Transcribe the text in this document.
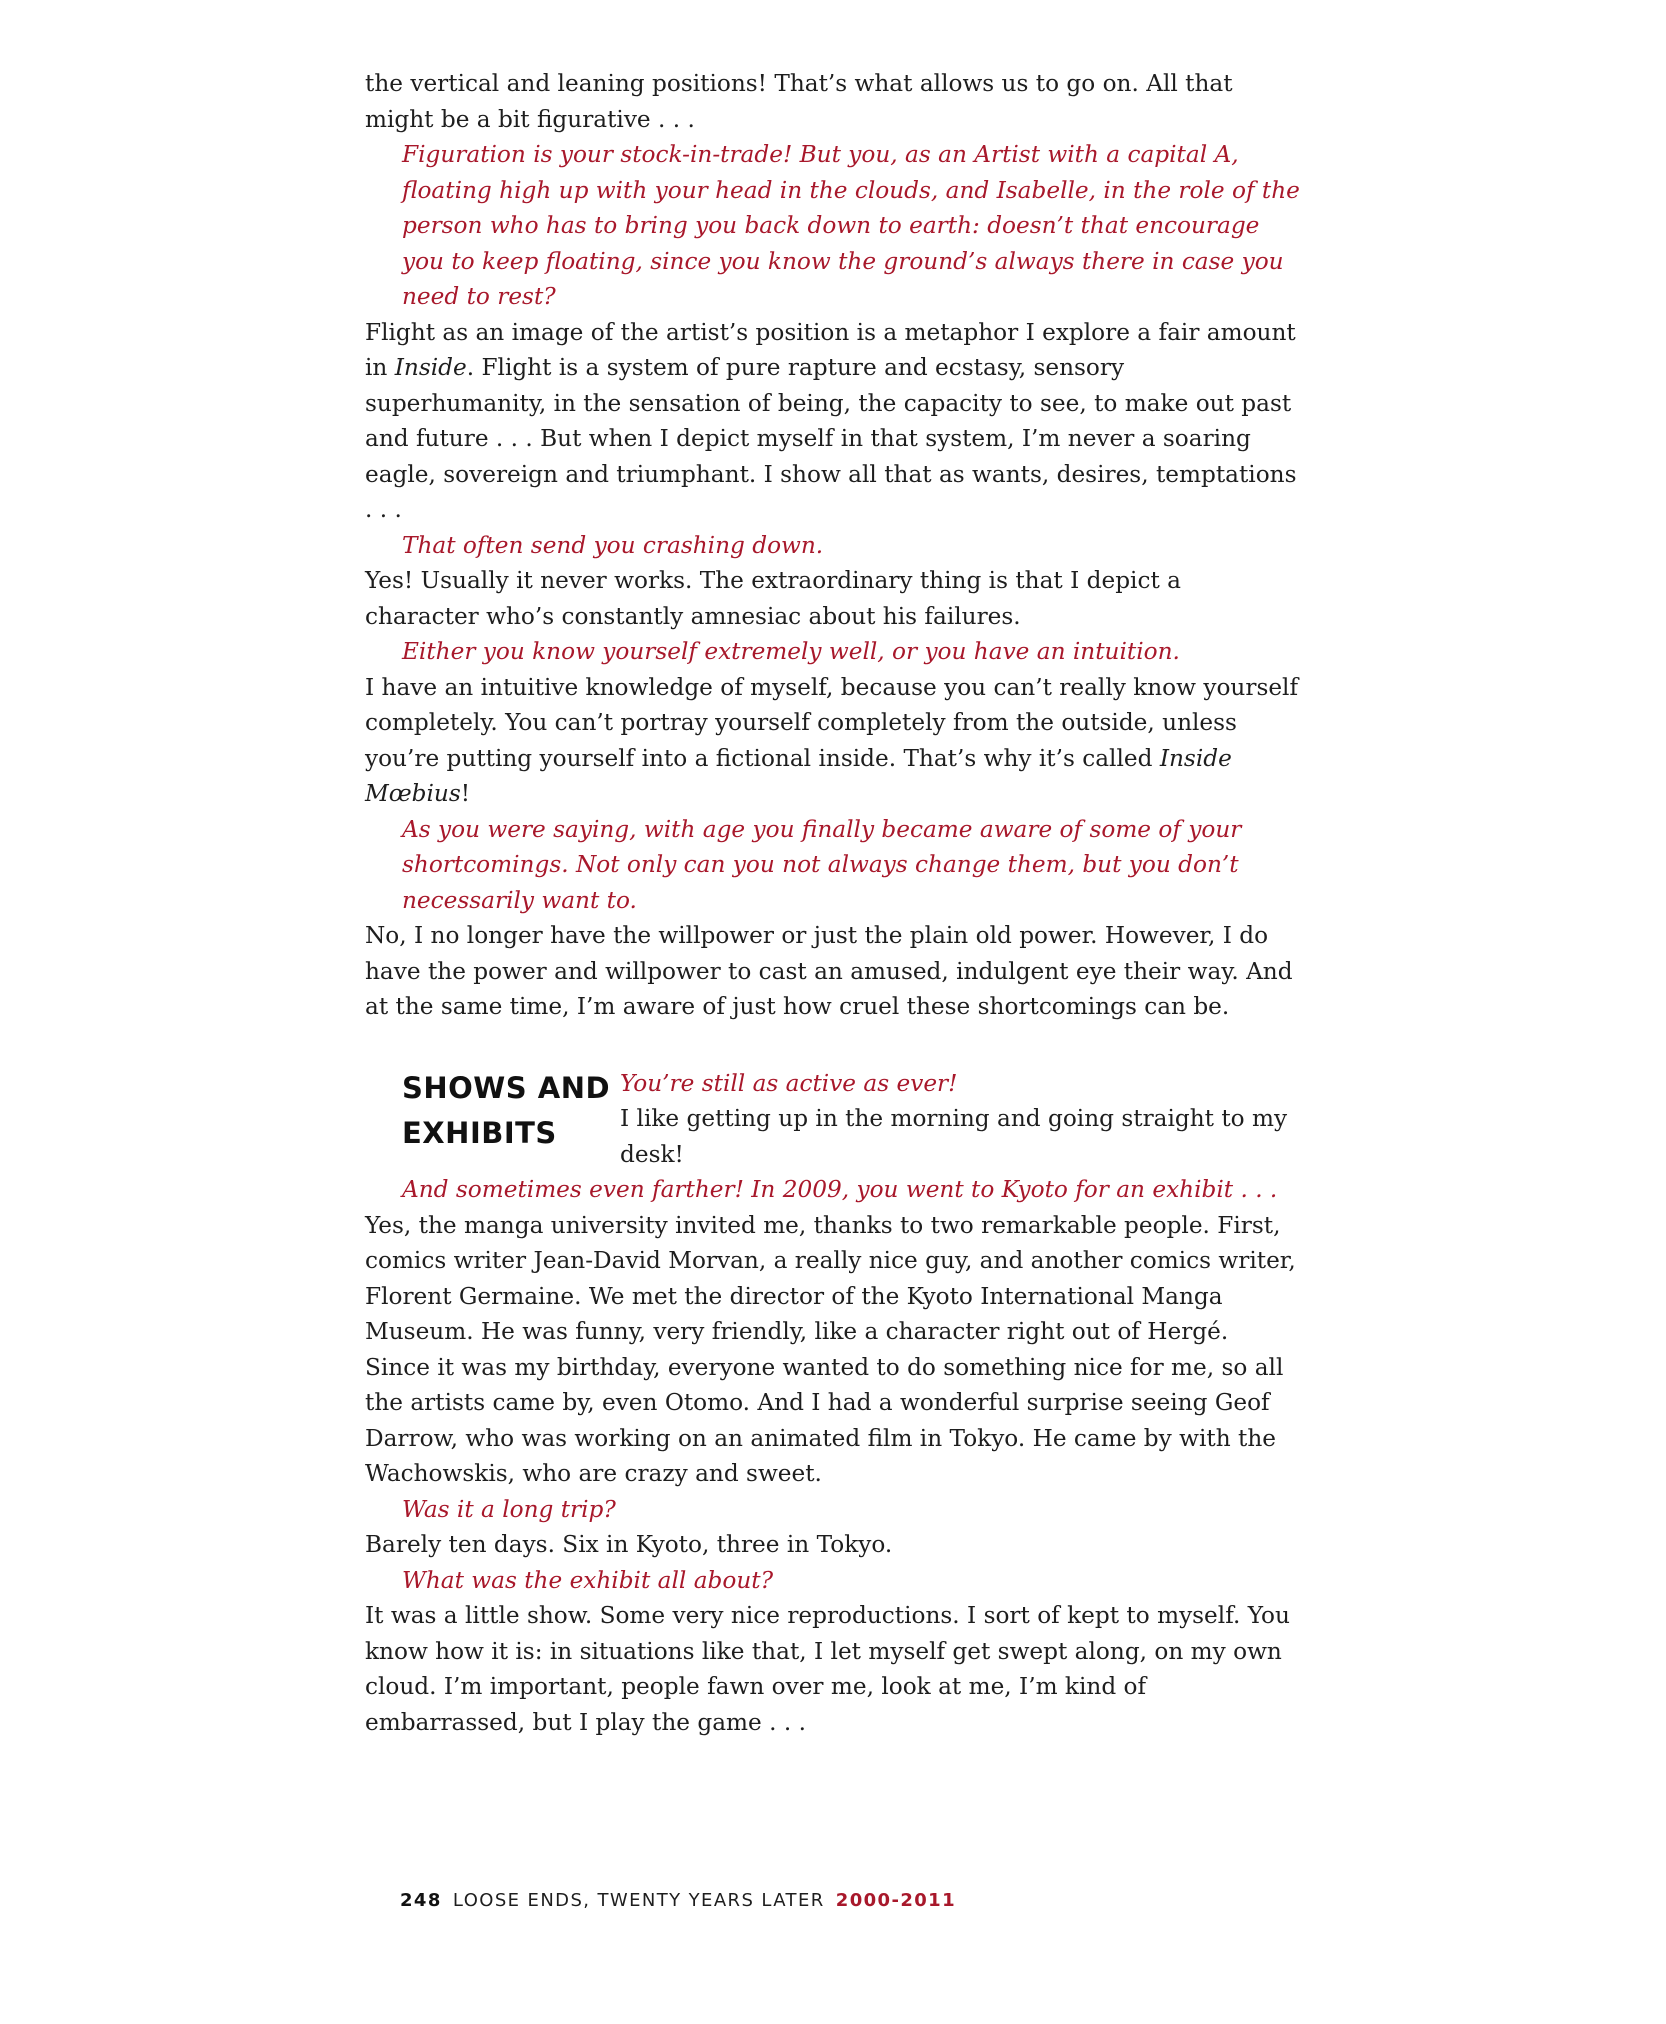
the vertical and leaning positions! That’s what allows us to go on. All that might be a bit figurative . . .

Figuration is your stock-in-trade! But you, as an Artist with a capital A, floating high up with your head in the clouds, and Isabelle, in the role of the person who has to bring you back down to earth: doesn’t that encourage you to keep floating, since you know the ground’s always there in case you need to rest?

Flight as an image of the artist’s position is a metaphor I explore a fair amount in Inside. Flight is a system of pure rapture and ecstasy, sensory superhumanity, in the sensation of being, the capacity to see, to make out past and future . . . But when I depict myself in that system, I’m never a soaring eagle, sovereign and triumphant. I show all that as wants, desires, temptations . . .

That often send you crashing down.

Yes! Usually it never works. The extraordinary thing is that I depict a character who’s constantly amnesiac about his failures.

Either you know yourself extremely well, or you have an intuition.

I have an intuitive knowledge of myself, because you can’t really know yourself completely. You can’t portray yourself completely from the outside, unless you’re putting yourself into a fictional inside. That’s why it’s called Inside Mœbius!

As you were saying, with age you finally became aware of some of your shortcomings. Not only can you not always change them, but you don’t necessarily want to.

No, I no longer have the willpower or just the plain old power. However, I do have the power and willpower to cast an amused, indulgent eye their way. And at the same time, I’m aware of just how cruel these shortcomings can be.

SHOWS AND EXHIBITS

You’re still as active as ever!

I like getting up in the morning and going straight to my desk!

And sometimes even farther! In 2009, you went to Kyoto for an exhibit . . .

Yes, the manga university invited me, thanks to two remarkable people. First, comics writer Jean-David Morvan, a really nice guy, and another comics writer, Florent Germaine. We met the director of the Kyoto International Manga Museum. He was funny, very friendly, like a character right out of Hergé. Since it was my birthday, everyone wanted to do something nice for me, so all the artists came by, even Otomo. And I had a wonderful surprise seeing Geof Darrow, who was working on an animated film in Tokyo. He came by with the Wachowskis, who are crazy and sweet.

Was it a long trip?

Barely ten days. Six in Kyoto, three in Tokyo.

What was the exhibit all about?

It was a little show. Some very nice reproductions. I sort of kept to myself. You know how it is: in situations like that, I let myself get swept along, on my own cloud. I’m important, people fawn over me, look at me, I’m kind of embarrassed, but I play the game . . .

248 LOOSE ENDS, TWENTY YEARS LATER 2000-2011
